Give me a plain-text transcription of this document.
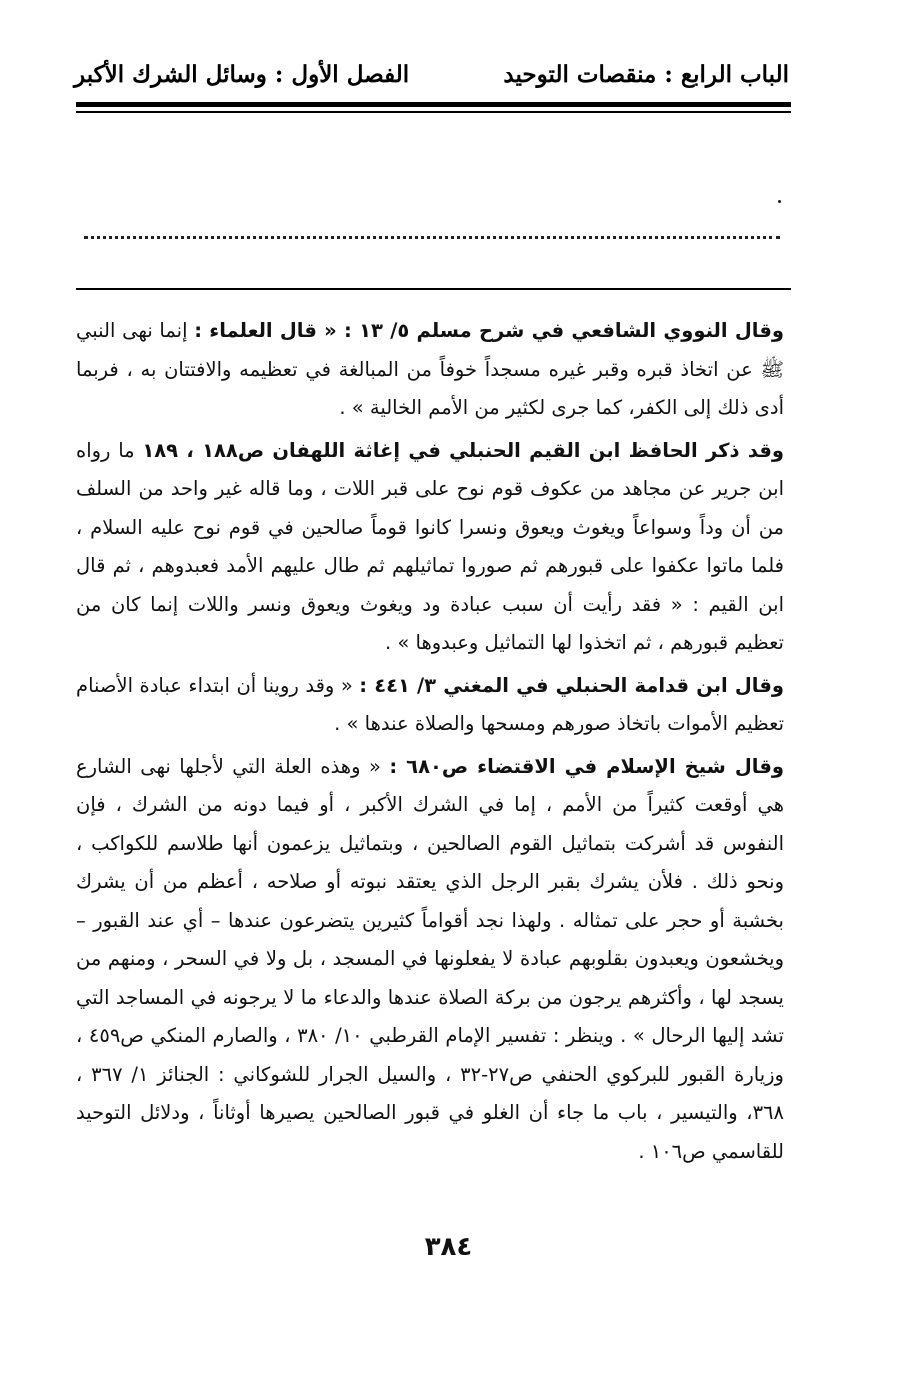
الباب الرابع : منقصات التوحيد
الفصل الأول : وسائل الشرك الأكبر

وقال النووي الشافعي في شرح مسلم ٥/ ١٣ : « قال العلماء : إنما نهى النبي ﷺ عن اتخاذ قبره وقبر غيره مسجداً خوفاً من المبالغة في تعظيمه والافتتان به ، فربما أدى ذلك إلى الكفر، كما جرى لكثير من الأمم الخالية » .

وقد ذكر الحافظ ابن القيم الحنبلي في إغاثة اللهفان ص١٨٨ ، ١٨٩ ما رواه ابن جرير عن مجاهد من عكوف قوم نوح على قبر اللات ، وما قاله غير واحد من السلف من أن وداً وسواعاً ويغوث ويعوق ونسرا كانوا قوماً صالحين في قوم نوح عليه السلام ، فلما ماتوا عكفوا على قبورهم ثم صوروا تماثيلهم ثم طال عليهم الأمد فعبدوهم ، ثم قال ابن القيم : « فقد رأيت أن سبب عبادة ود ويغوث ويعوق ونسر واللات إنما كان من تعظيم قبورهم ، ثم اتخذوا لها التماثيل وعبدوها » .

وقال ابن قدامة الحنبلي في المغني ٣/ ٤٤١ : « وقد روينا أن ابتداء عبادة الأصنام تعظيم الأموات باتخاذ صورهم ومسحها والصلاة عندها » .

وقال شيخ الإسلام في الاقتضاء ص٦٨٠ : « وهذه العلة التي لأجلها نهى الشارع هي أوقعت كثيراً من الأمم ، إما في الشرك الأكبر ، أو فيما دونه من الشرك ، فإن النفوس قد أشركت بتماثيل القوم الصالحين ، وبتماثيل يزعمون أنها طلاسم للكواكب ، ونحو ذلك . فلأن يشرك بقبر الرجل الذي يعتقد نبوته أو صلاحه ، أعظم من أن يشرك بخشبة أو حجر على تمثاله . ولهذا نجد أقواماً كثيرين يتضرعون عندها – أي عند القبور – ويخشعون ويعبدون بقلوبهم عبادة لا يفعلونها في المسجد ، بل ولا في السحر ، ومنهم من يسجد لها ، وأكثرهم يرجون من بركة الصلاة عندها والدعاء ما لا يرجونه في المساجد التي تشد إليها الرحال » . وينظر : تفسير الإمام القرطبي ١٠/ ٣٨٠ ، والصارم المنكي ص٤٥٩ ، وزيارة القبور للبركوي الحنفي ص٢٧-٣٢ ، والسيل الجرار للشوكاني : الجنائز ١/ ٣٦٧ ، ٣٦٨، والتيسير ، باب ما جاء أن الغلو في قبور الصالحين يصيرها أوثاناً ، ودلائل التوحيد للقاسمي ص١٠٦ .

٣٨٤
